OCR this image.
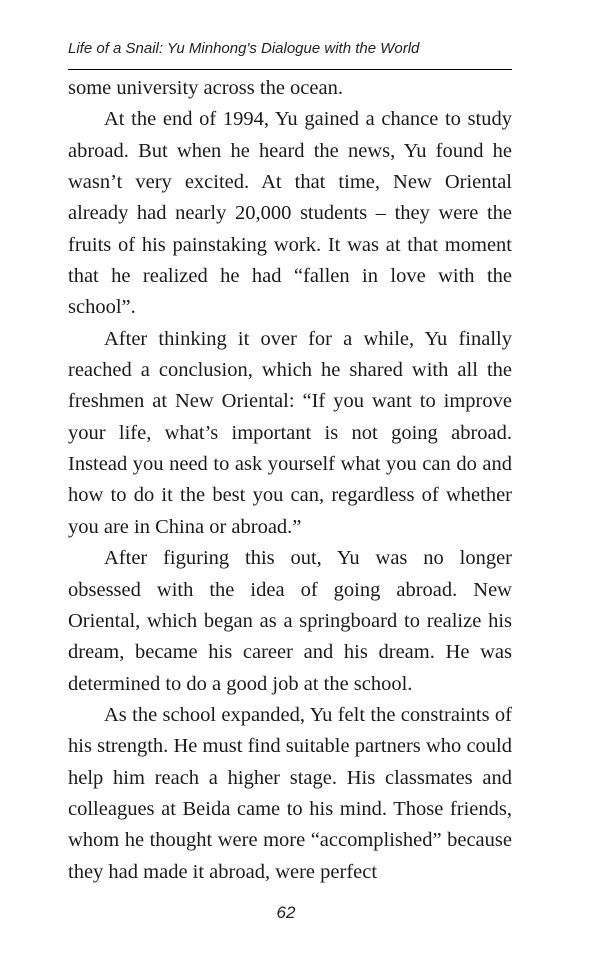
Life of a Snail: Yu Minhong's Dialogue with the World

some university across the ocean.

At the end of 1994, Yu gained a chance to study abroad. But when he heard the news, Yu found he wasn’t very excited. At that time, New Oriental already had nearly 20,000 students – they were the fruits of his painstaking work. It was at that moment that he realized he had “fallen in love with the school”.

After thinking it over for a while, Yu finally reached a conclusion, which he shared with all the freshmen at New Oriental: “If you want to improve your life, what’s important is not going abroad. Instead you need to ask yourself what you can do and how to do it the best you can, regardless of whether you are in China or abroad.”

After figuring this out, Yu was no longer obsessed with the idea of going abroad. New Oriental, which began as a springboard to realize his dream, became his career and his dream. He was determined to do a good job at the school.

As the school expanded, Yu felt the constraints of his strength. He must find suitable partners who could help him reach a higher stage. His classmates and colleagues at Beida came to his mind. Those friends, whom he thought were more “accomplished” because they had made it abroad, were perfect

62
